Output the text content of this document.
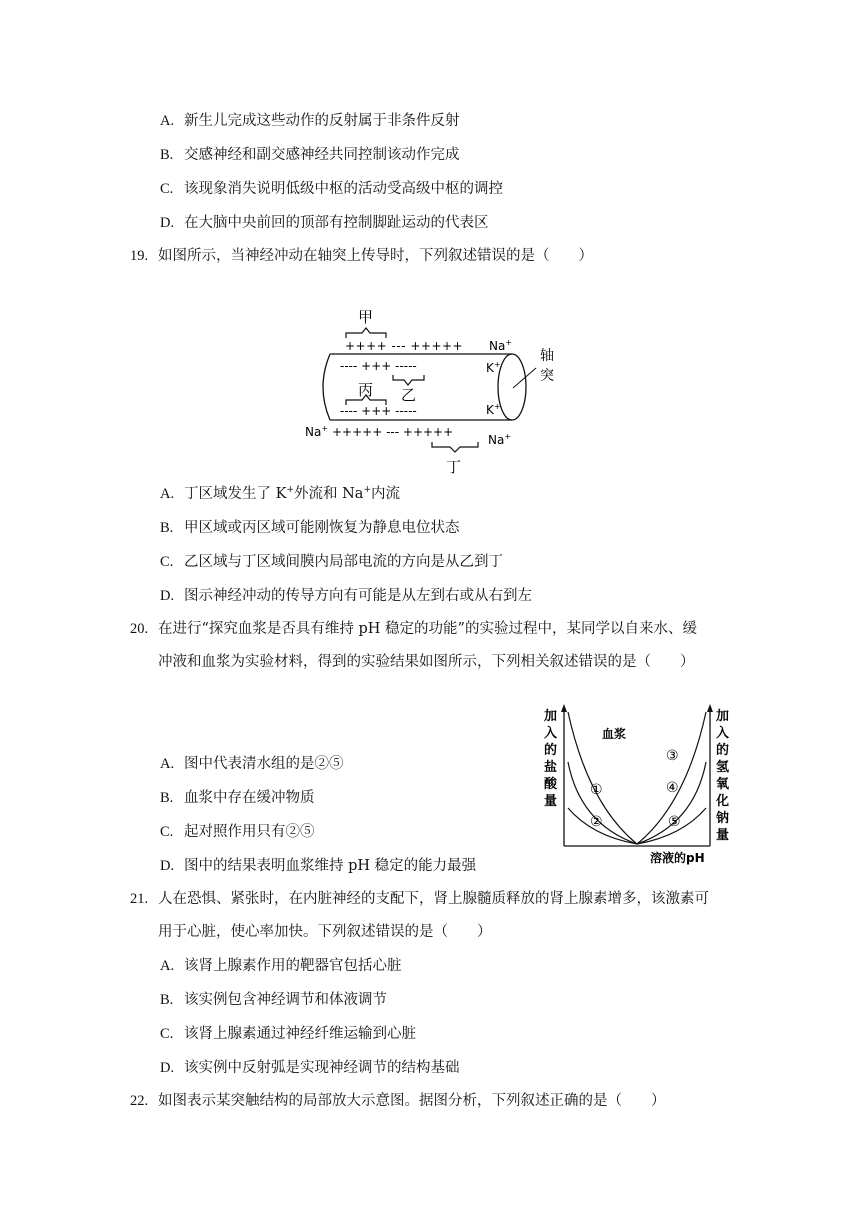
A. 新生儿完成这些动作的反射属于非条件反射
B. 交感神经和副交感神经共同控制该动作完成
C. 该现象消失说明低级中枢的活动受高级中枢的调控
D. 在大脑中央前回的顶部有控制脚趾运动的代表区
19. 如图所示，当神经冲动在轴突上传导时，下列叙述错误的是（　　）
甲
++++ --- +++++ Na+
---- +++ -----	K+
乙
丙
---- +++ -----	K+
Na+ +++++ --- +++++
Na+
丁
轴
突
A. 丁区域发生了 K+外流和 Na+内流
B. 甲区域或丙区域可能刚恢复为静息电位状态
C. 乙区域与丁区域间膜内局部电流的方向是从乙到丁
D. 图示神经冲动的传导方向有可能是从左到右或从右到左
20. 在进行“探究血浆是否具有维持 pH 稳定的功能”的实验过程中，某同学以自来水、缓
冲液和血浆为实验材料，得到的实验结果如图所示，下列相关叙述错误的是（　　）
加
入
的
盐
酸
量
加
入
的
氢
氧
化
钠
量
血浆
①
②
③
④
⑤
溶液的pH
A. 图中代表清水组的是②⑤
B. 血浆中存在缓冲物质
C. 起对照作用只有②⑤
D. 图中的结果表明血浆维持 pH 稳定的能力最强
21. 人在恐惧、紧张时，在内脏神经的支配下，肾上腺髓质释放的肾上腺素增多，该激素可
用于心脏，使心率加快。下列叙述错误的是（　　）
A. 该肾上腺素作用的靶器官包括心脏
B. 该实例包含神经调节和体液调节
C. 该肾上腺素通过神经纤维运输到心脏
D. 该实例中反射弧是实现神经调节的结构基础
22. 如图表示某突触结构的局部放大示意图。据图分析，下列叙述正确的是（　　）
